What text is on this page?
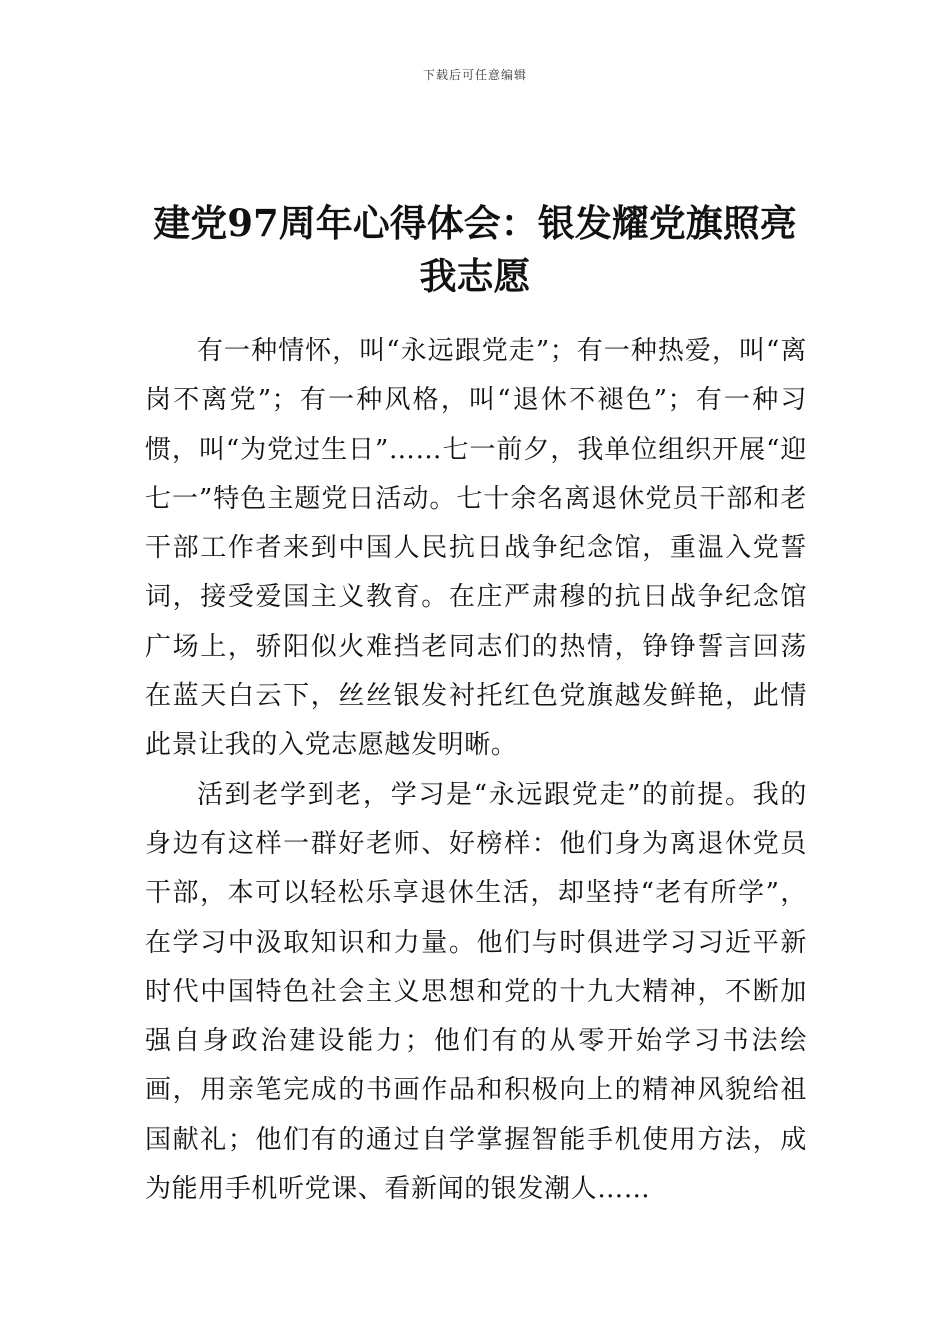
下载后可任意编辑
建党97周年心得体会：银发耀党旗照亮我志愿

有一种情怀，叫“永远跟党走”；有一种热爱，叫“离岗不离党”；有一种风格，叫“退休不褪色”；有一种习惯，叫“为党过生日”……七一前夕，我单位组织开展“迎七一”特色主题党日活动。七十余名离退休党员干部和老干部工作者来到中国人民抗日战争纪念馆，重温入党誓词，接受爱国主义教育。在庄严肃穆的抗日战争纪念馆广场上，骄阳似火难挡老同志们的热情，铮铮誓言回荡在蓝天白云下，丝丝银发衬托红色党旗越发鲜艳，此情此景让我的入党志愿越发明晰。

活到老学到老，学习是“永远跟党走”的前提。我的身边有这样一群好老师、好榜样：他们身为离退休党员干部，本可以轻松乐享退休生活，却坚持“老有所学”，在学习中汲取知识和力量。他们与时俱进学习习近平新时代中国特色社会主义思想和党的十九大精神，不断加强自身政治建设能力；他们有的从零开始学习书法绘画，用亲笔完成的书画作品和积极向上的精神风貌给祖国献礼；他们有的通过自学掌握智能手机使用方法，成为能用手机听党课、看新闻的银发潮人……
